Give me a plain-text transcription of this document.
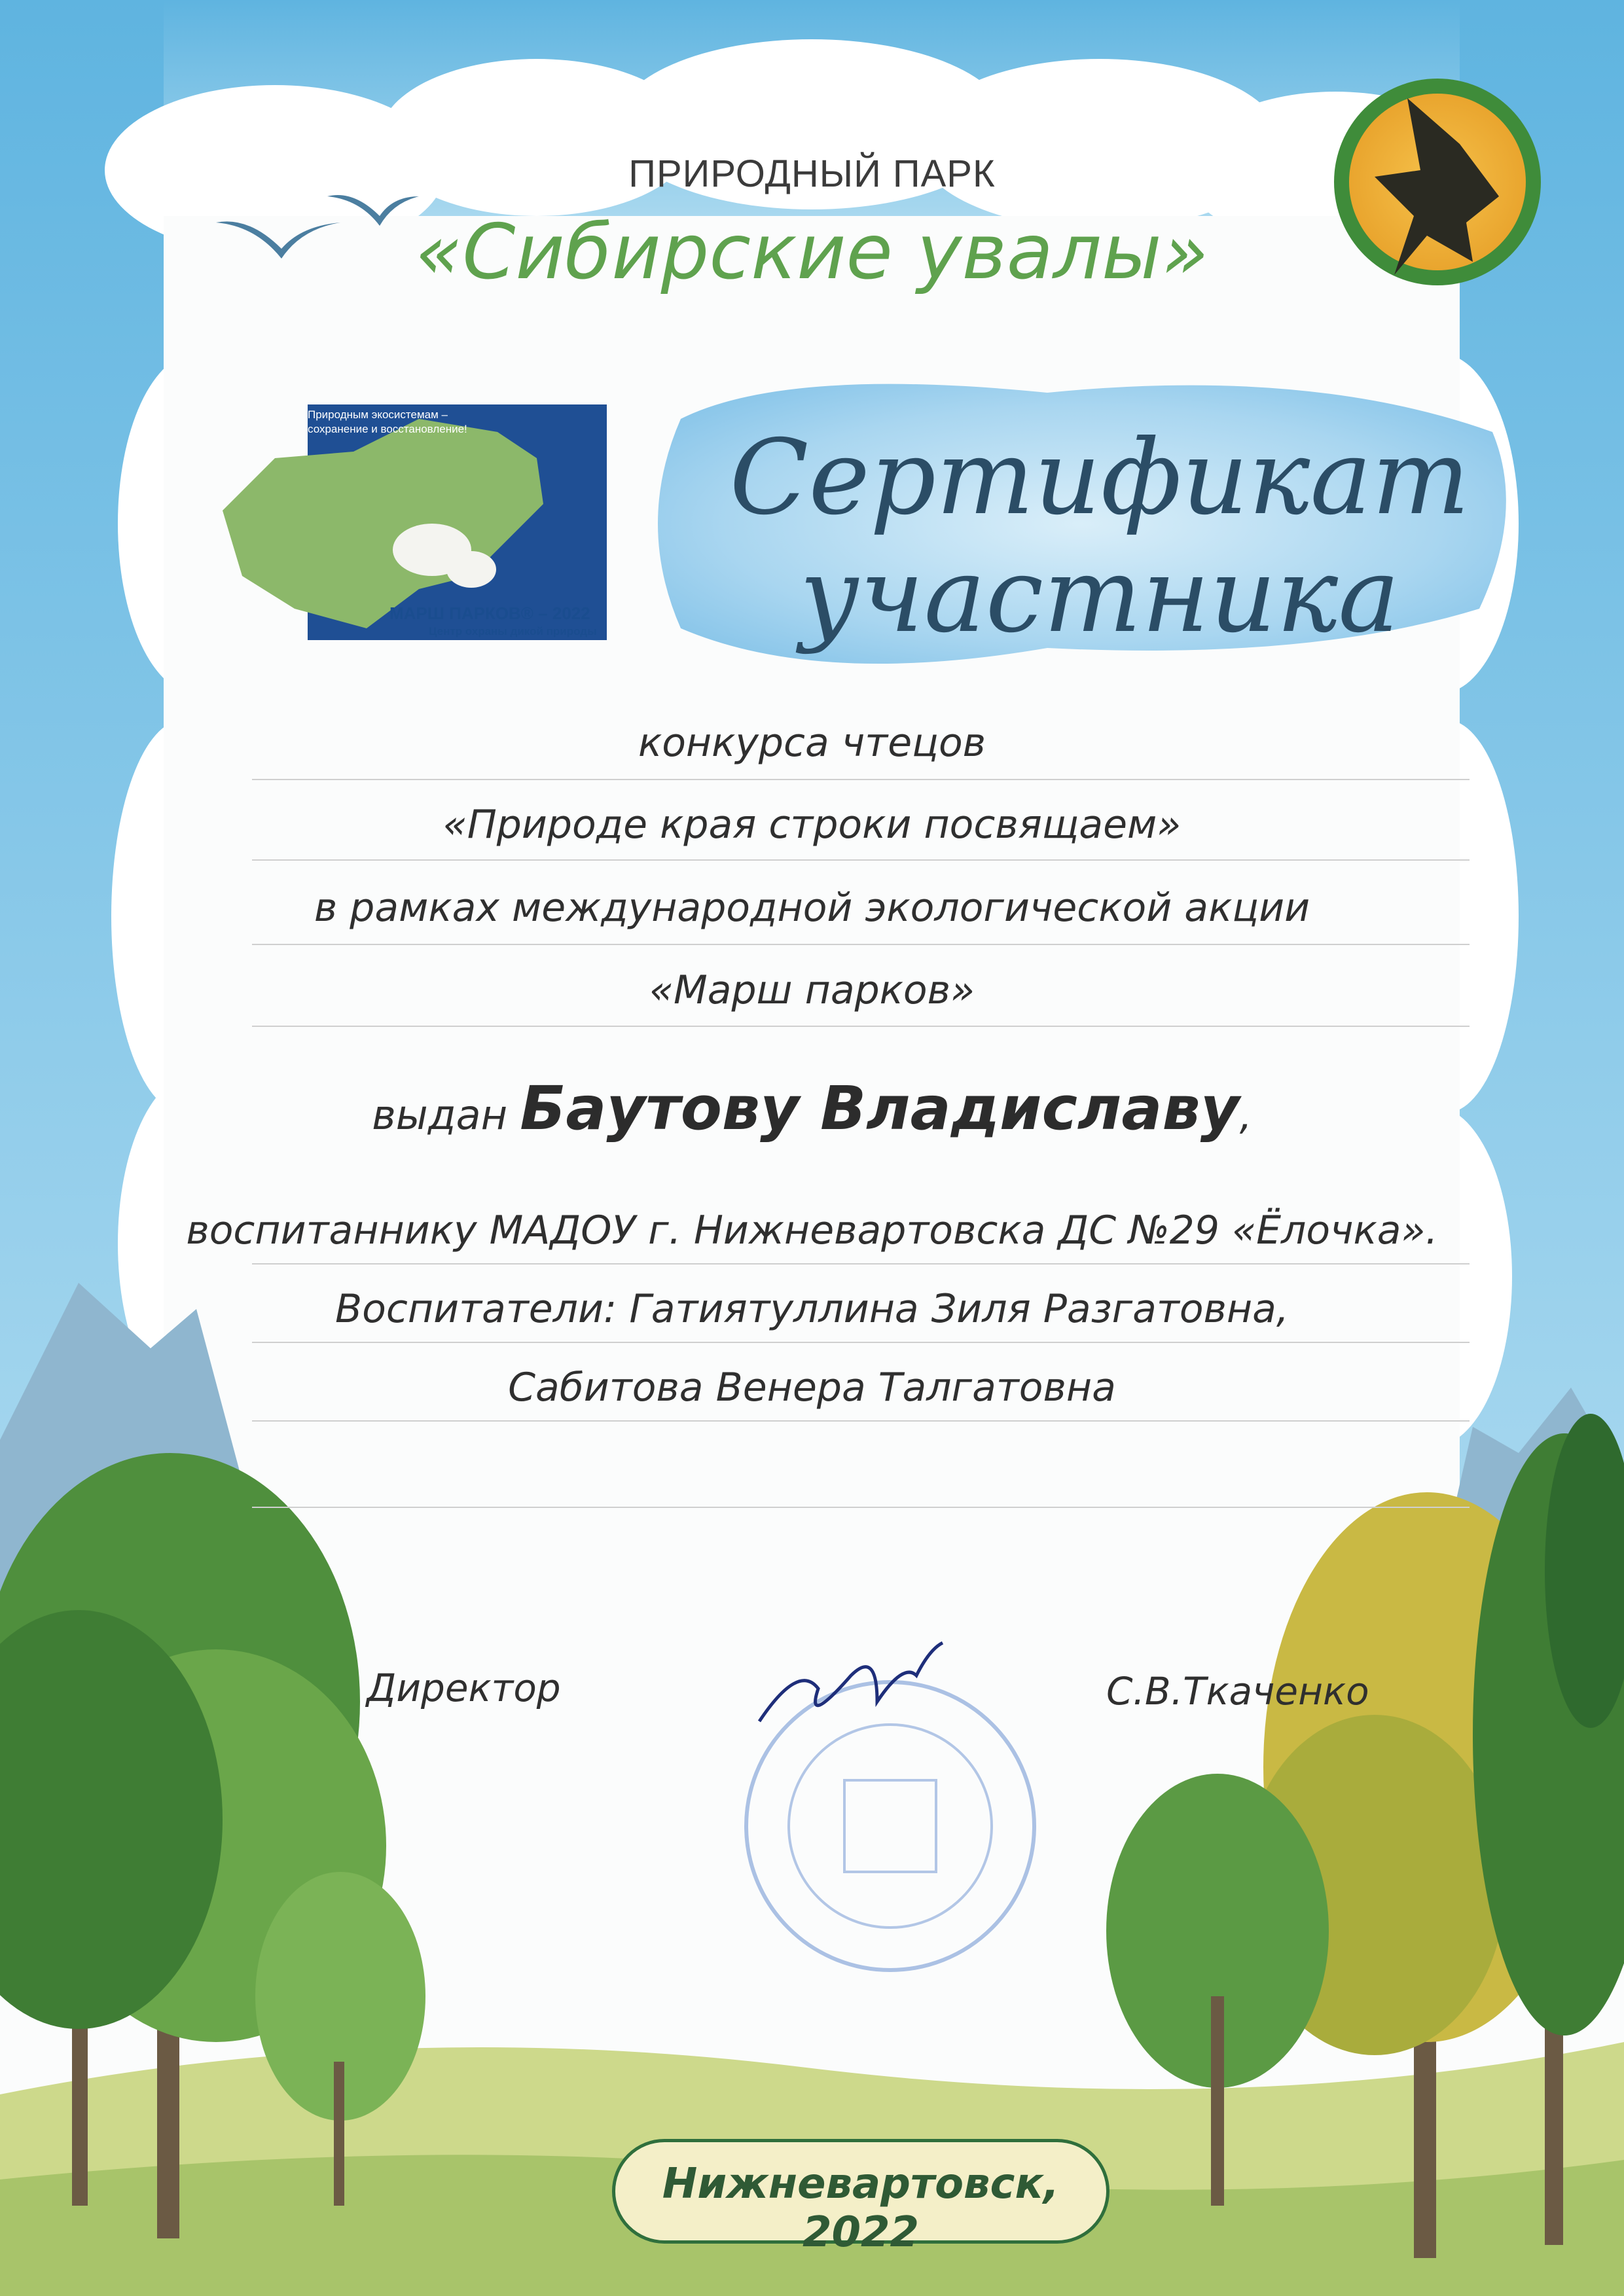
ПРИРОДНЫЙ ПАРК
«Сибирские увалы»
Природным экосистемам –
сохранение и восстановление!
МАРШ ПАРКОВ® – 2022
Центр охраны дикой природы
Сертификат
участника
конкурса чтецов
«Природе края строки посвящаем»
в рамках международной экологической акции
«Марш парков»
выдан Баутову Владиславу,
воспитаннику МАДОУ г. Нижневартовска ДС №29 «Ёлочка».
Воспитатели: Гатиятуллина Зиля Разгатовна,
Сабитова Венера Талгатовна
Директор	С.В.Ткаченко
Нижневартовск, 2022
